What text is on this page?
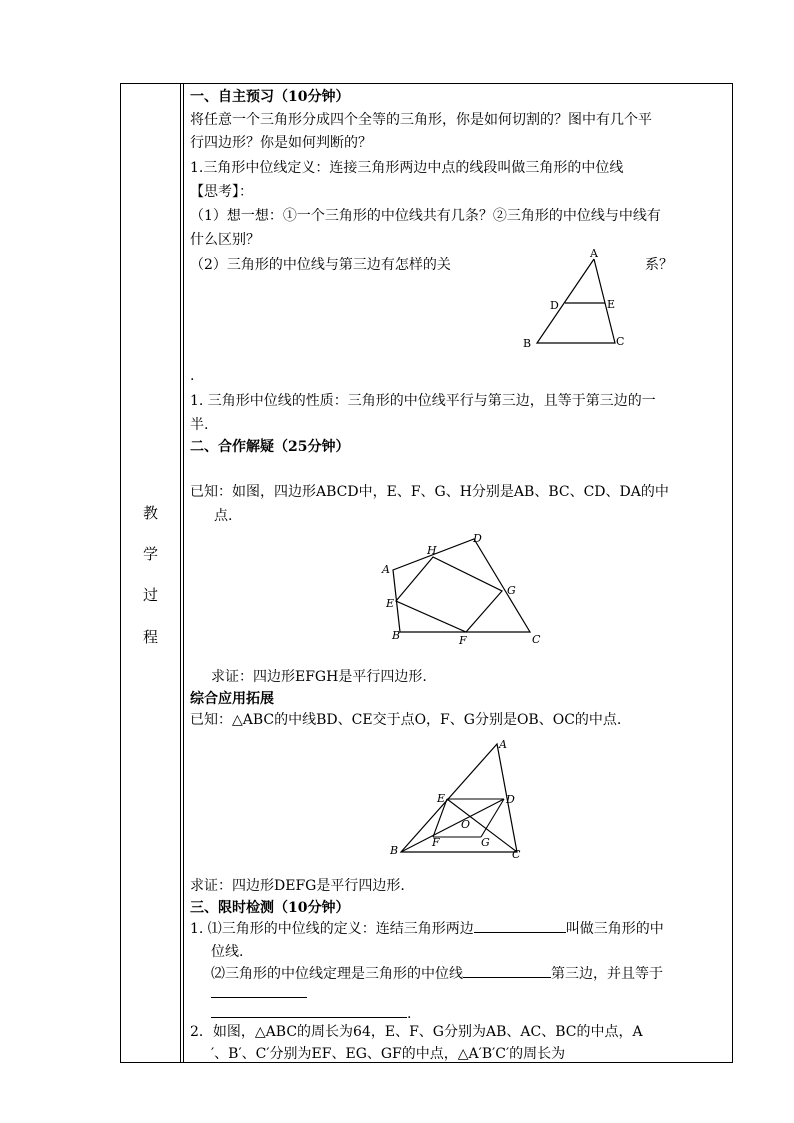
教
学
过
程
一、自主预习（10分钟）
将任意一个三角形分成四个全等的三角形，你是如何切割的？图中有几个平
行四边形？你是如何判断的？
1.三角形中位线定义：连接三角形两边中点的线段叫做三角形的中位线
【思考】：
（1）想一想：①一个三角形的中位线共有几条？②三角形的中位线与中线有
什么区别？
（2）三角形的中位线与第三边有怎样的关	系？
A
D	E
B	C
.
1. 三角形中位线的性质：三角形的中位线平行与第三边，且等于第三边的一
半.
二、合作解疑（25分钟）
已知：如图，四边形ABCD中，E、F、G、H分别是AB、BC、CD、DA的中
点.
A
H
D
E
G
B	F	C
求证：四边形EFGH是平行四边形.
综合应用拓展
已知：△ABC的中线BD、CE交于点O，F、G分别是OB、OC的中点.
A
E	D
O
F	G
B	C
求证：四边形DEFG是平行四边形.
三、限时检测（10分钟）
1. ⑴三角形的中位线的定义：连结三角形两边	叫做三角形的中
位线.
⑵三角形的中位线定理是三角形的中位线	第三边，并且等于
.
2．如图，△ABC的周长为64，E、F、G分别为AB、AC、BC的中点，A
′、B′、C′分别为EF、EG、GF的中点，△A′B′C′的周长为
